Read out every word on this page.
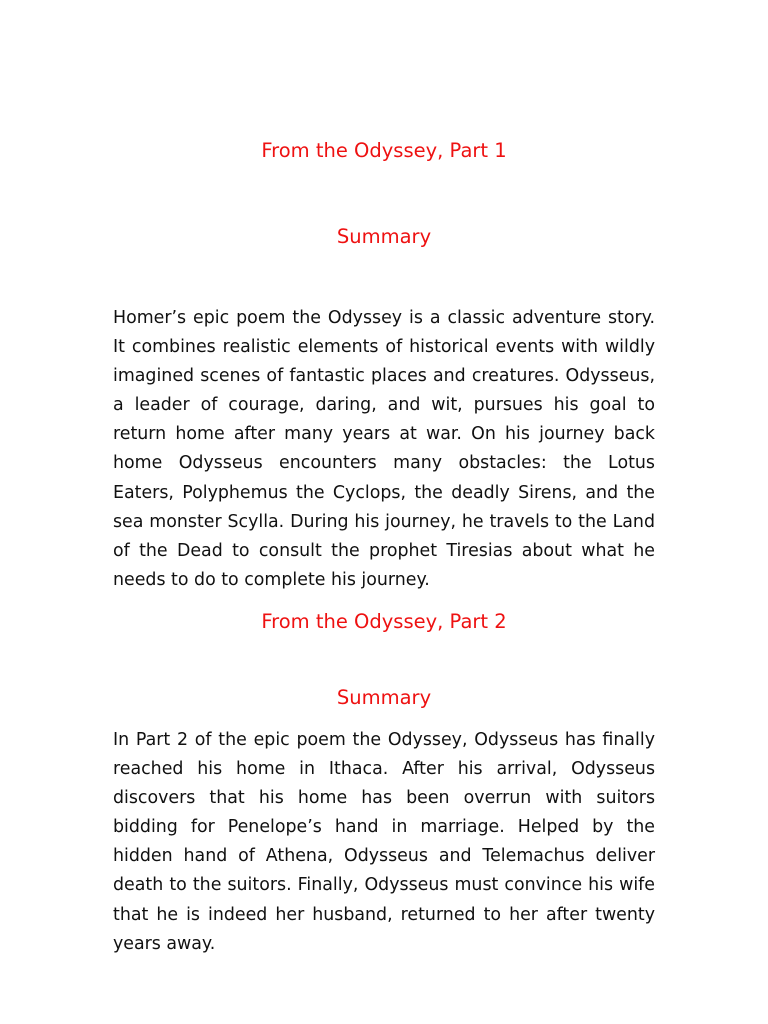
From the Odyssey, Part 1
Summary

Homer’s epic poem the Odyssey is a classic adventure story. It combines realistic elements of historical events with wildly imagined scenes of fantastic places and creatures. Odysseus, a leader of courage, daring, and wit, pursues his goal to return home after many years at war. On his journey back home Odysseus encounters many obstacles: the Lotus Eaters, Polyphemus the Cyclops, the deadly Sirens, and the sea monster Scylla. During his journey, he travels to the Land of the Dead to consult the prophet Tiresias about what he needs to do to complete his journey.

From the Odyssey, Part 2
Summary

In Part 2 of the epic poem the Odyssey, Odysseus has finally reached his home in Ithaca. After his arrival, Odysseus discovers that his home has been overrun with suitors bidding for Penelope’s hand in marriage. Helped by the hidden hand of Athena, Odysseus and Telemachus deliver death to the suitors. Finally, Odysseus must convince his wife that he is indeed her husband, returned to her after twenty years away.
